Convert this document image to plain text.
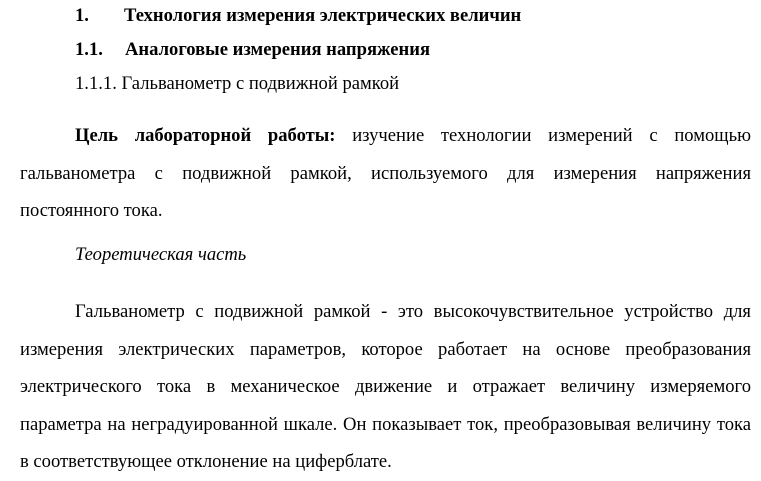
1. Технология измерения электрических величин
1.1. Аналоговые измерения напряжения
1.1.1. Гальванометр с подвижной рамкой

Цель лабораторной работы: изучение технологии измерений с помощью гальванометра с подвижной рамкой, используемого для измерения напряжения постоянного тока.

Теоретическая часть

Гальванометр с подвижной рамкой - это высокочувствительное устройство для измерения электрических параметров, которое работает на основе преобразования электрического тока в механическое движение и отражает величину измеряемого параметра на неградуированной шкале. Он показывает ток, преобразовывая величину тока в соответствующее отклонение на циферблате.
